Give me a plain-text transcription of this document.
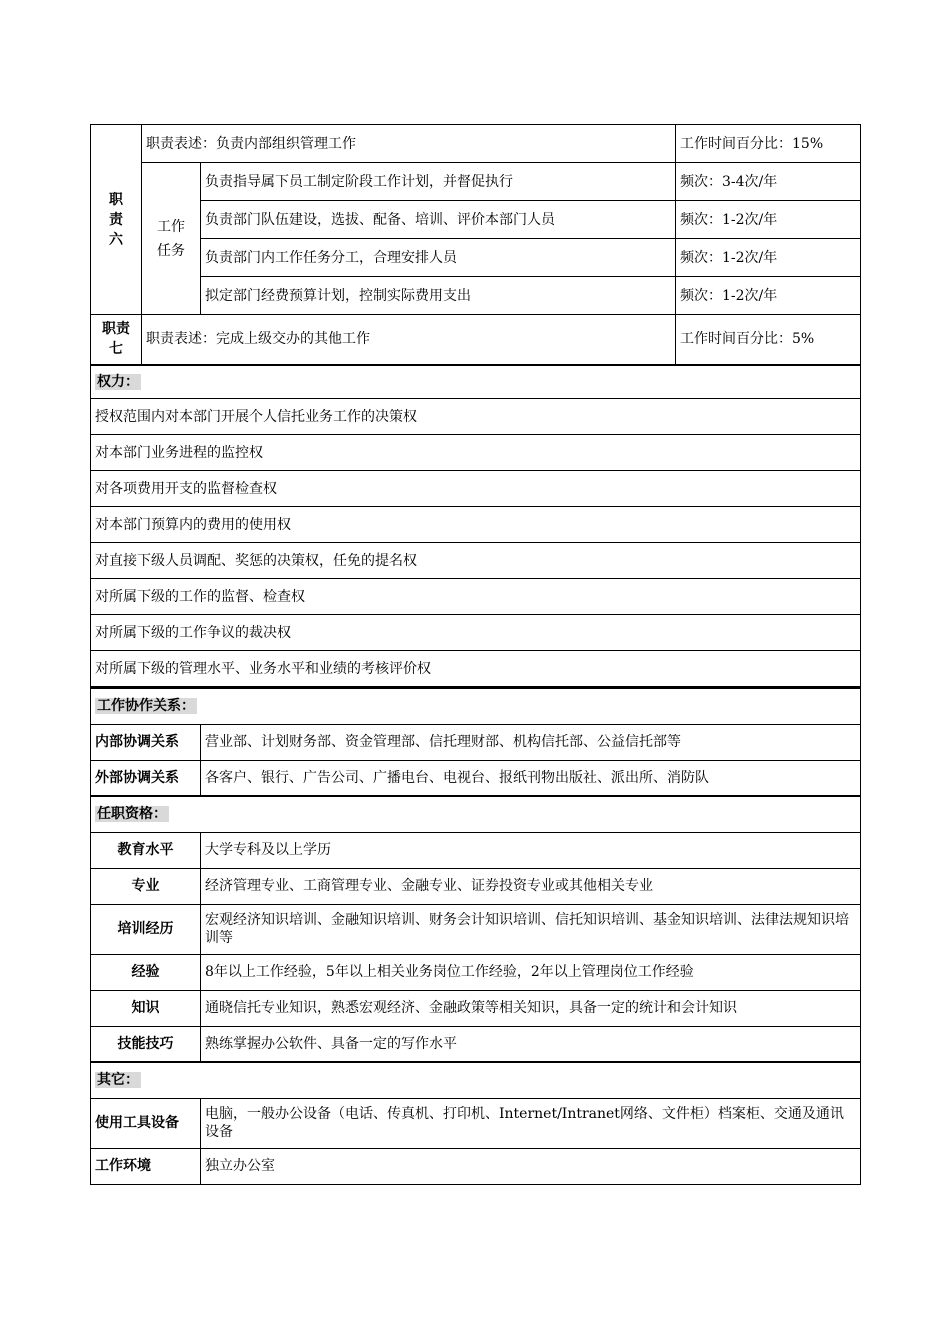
职责六	职责表述：负责内部组织管理工作		工作时间百分比：15%

	工作任务	负责指导属下员工制定阶段工作计划，并督促执行	频次：3-4次/年
		负责部门队伍建设，选拔、配备、培训、评价本部门人员	频次：1-2次/年
		负责部门内工作任务分工，合理安排人员	频次：1-2次/年
		拟定部门经费预算计划，控制实际费用支出	频次：1-2次/年

职责七	职责表述：完成上级交办的其他工作		工作时间百分比：5%
权力：			
授权范围内对本部门开展个人信托业务工作的决策权			
对本部门业务进程的监控权			
对各项费用开支的监督检查权			
对本部门预算内的费用的使用权			
对直接下级人员调配、奖惩的决策权，任免的提名权			
对所属下级的工作的监督、检查权			
对所属下级的工作争议的裁决权			
对所属下级的管理水平、业务水平和业绩的考核评价权			
工作协作关系：	
内部协调关系	营业部、计划财务部、资金管理部、信托理财部、机构信托部、公益信托部等
外部协调关系	各客户、银行、广告公司、广播电台、电视台、报纸刊物出版社、派出所、消防队
任职资格：	
教育水平	大学专科及以上学历
专业	经济管理专业、工商管理专业、金融专业、证券投资专业或其他相关专业
培训经历	宏观经济知识培训、金融知识培训、财务会计知识培训、信托知识培训、基金知识培训、法律法规知识培训等
经验	8年以上工作经验，5年以上相关业务岗位工作经验，2年以上管理岗位工作经验
知识	通晓信托专业知识，熟悉宏观经济、金融政策等相关知识，具备一定的统计和会计知识
技能技巧	熟练掌握办公软件、具备一定的写作水平
其它：	
使用工具设备	电脑，一般办公设备（电话、传真机、打印机、Internet/Intranet网络、文件柜）档案柜、交通及通讯设备
工作环境	独立办公室
